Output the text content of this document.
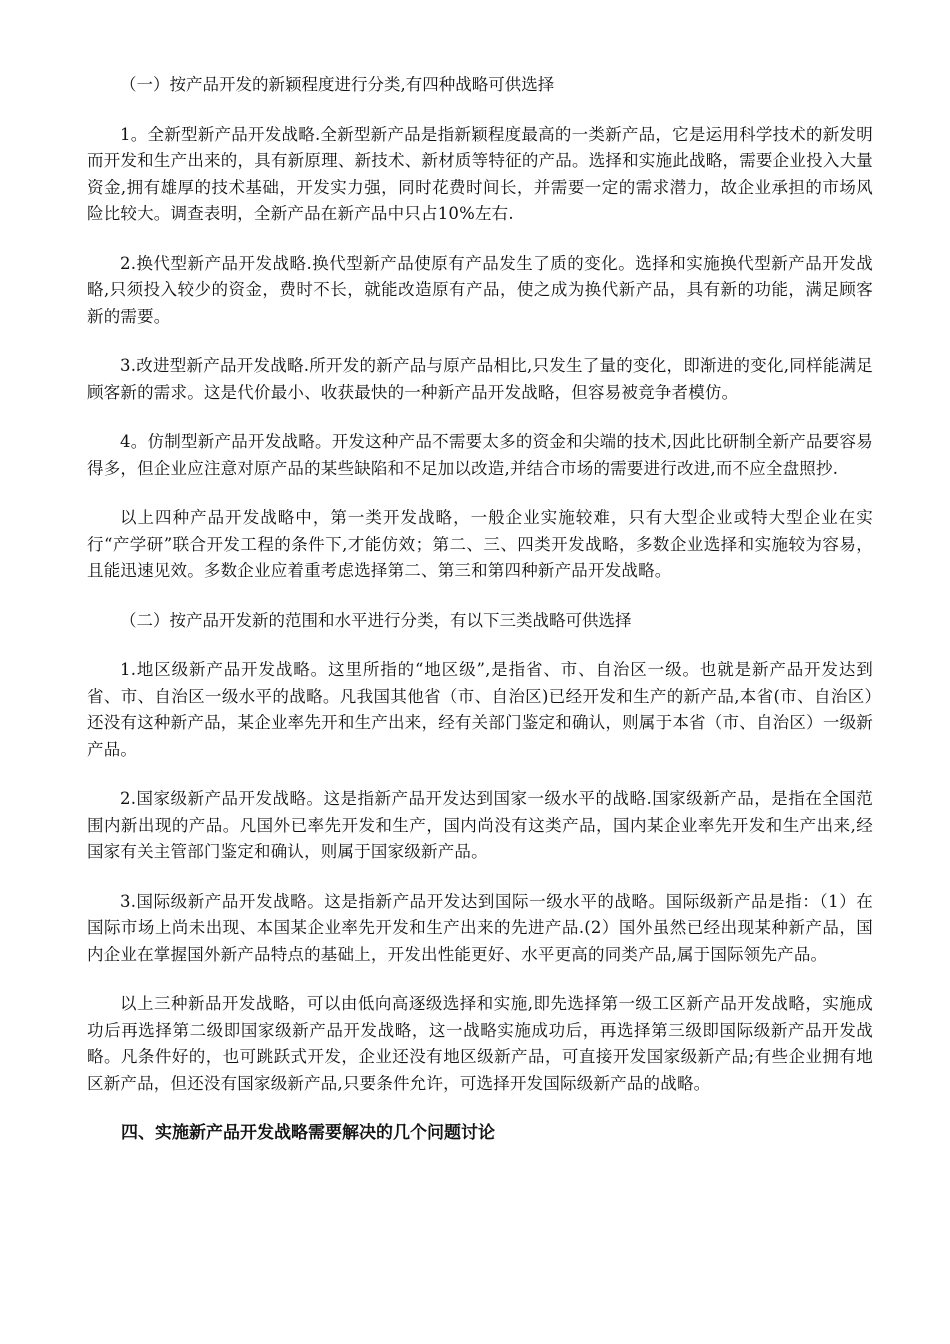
（一）按产品开发的新颖程度进行分类,有四种战略可供选择

1。全新型新产品开发战略.全新型新产品是指新颖程度最高的一类新产品，它是运用科学技术的新发明而开发和生产出来的，具有新原理、新技术、新材质等特征的产品。选择和实施此战略，需要企业投入大量资金,拥有雄厚的技术基础，开发实力强，同时花费时间长，并需要一定的需求潜力，故企业承担的市场风险比较大。调查表明，全新产品在新产品中只占10%左右.

2.换代型新产品开发战略.换代型新产品使原有产品发生了质的变化。选择和实施换代型新产品开发战略,只须投入较少的资金，费时不长，就能改造原有产品，使之成为换代新产品，具有新的功能，满足顾客新的需要。

3.改进型新产品开发战略.所开发的新产品与原产品相比,只发生了量的变化，即渐进的变化,同样能满足顾客新的需求。这是代价最小、收获最快的一种新产品开发战略，但容易被竞争者模仿。

4。仿制型新产品开发战略。开发这种产品不需要太多的资金和尖端的技术,因此比研制全新产品要容易得多，但企业应注意对原产品的某些缺陷和不足加以改造,并结合市场的需要进行改进,而不应全盘照抄.

以上四种产品开发战略中，第一类开发战略，一般企业实施较难，只有大型企业或特大型企业在实行“产学研”联合开发工程的条件下,才能仿效；第二、三、四类开发战略，多数企业选择和实施较为容易，且能迅速见效。多数企业应着重考虑选择第二、第三和第四种新产品开发战略。

（二）按产品开发新的范围和水平进行分类，有以下三类战略可供选择

1.地区级新产品开发战略。这里所指的“地区级”,是指省、市、自治区一级。也就是新产品开发达到省、市、自治区一级水平的战略。凡我国其他省（市、自治区)已经开发和生产的新产品,本省(市、自治区）还没有这种新产品，某企业率先开和生产出来，经有关部门鉴定和确认，则属于本省（市、自治区）一级新产品。

2.国家级新产品开发战略。这是指新产品开发达到国家一级水平的战略.国家级新产品，是指在全国范围内新出现的产品。凡国外已率先开发和生产，国内尚没有这类产品，国内某企业率先开发和生产出来,经国家有关主管部门鉴定和确认，则属于国家级新产品。

3.国际级新产品开发战略。这是指新产品开发达到国际一级水平的战略。国际级新产品是指：（1）在国际市场上尚未出现、本国某企业率先开发和生产出来的先进产品.(2）国外虽然已经出现某种新产品，国内企业在掌握国外新产品特点的基础上，开发出性能更好、水平更高的同类产品,属于国际领先产品。

以上三种新品开发战略，可以由低向高逐级选择和实施,即先选择第一级工区新产品开发战略，实施成功后再选择第二级即国家级新产品开发战略，这一战略实施成功后，再选择第三级即国际级新产品开发战略。凡条件好的，也可跳跃式开发，企业还没有地区级新产品，可直接开发国家级新产品;有些企业拥有地区新产品，但还没有国家级新产品,只要条件允许，可选择开发国际级新产品的战略。

四、实施新产品开发战略需要解决的几个问题讨论
